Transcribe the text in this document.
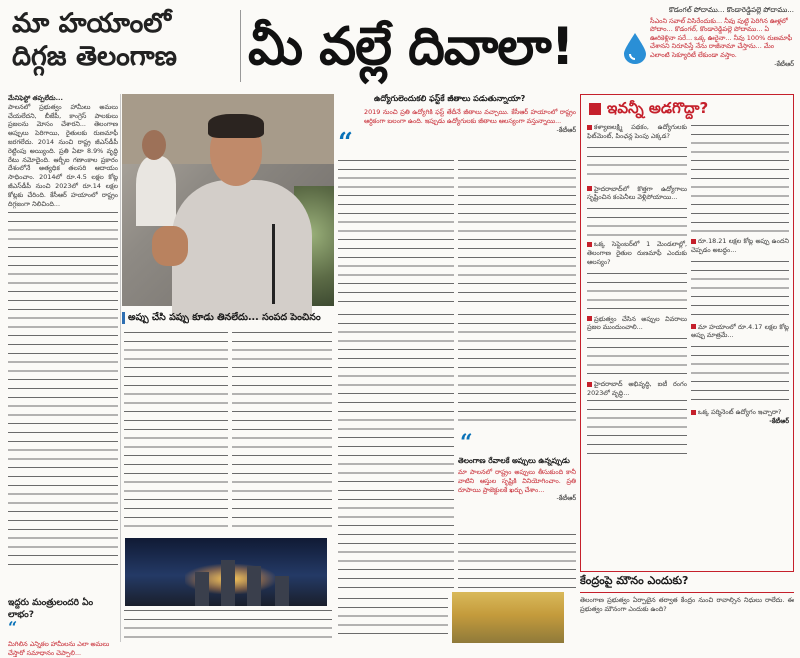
మా హయాంలో
దిగ్గజ తెలంగాణ	మీ వల్లే దివాలా!
కొడంగల్ పోదాము... కొండారెడ్డిపల్లె పోదాము...
సీఎంని సవాల్ విసిరేందుకు... నీవు పుట్టి పెరిగిన ఊళ్లలో పోదాం... కొడంగల్, కొండారెడ్డిపల్లె పోదాము... ఏ ఊరికెళ్లినా సరే... ఒక్క ఊరైనా... నీవు 100% రుణమాఫీ చేశానని నిరూపిస్తే నేను రాజీనామా చేస్తాను... మేం ఎలాంటి సెక్యూరిటీ లేకుండా వస్తాం.
-కేటీఆర్
మేనిఫెస్టో తప్పలేదు...

పాలనలో ప్రభుత్వం హామీలు అమలు చేయలేదని, బీజేపీ, కాంగ్రెస్ పాలకులు ప్రజలను మోసం చేశారని... తెలంగాణ అప్పులు పెరిగాయి, రైతులకు రుణమాఫీ జరగలేదు. 2014 నుంచి రాష్ట్ర జీఎస్‌డీపీ రెట్టింపు అయ్యింది. ప్రతి ఏటా 8.9% వృద్ధి రేటు నమోదైంది. ఆర్బీఐ గణాంకాల ప్రకారం దేశంలోనే అత్యధిక తలసరి ఆదాయం సాధించాం. 2014లో రూ.4.5 లక్షల కోట్ల జీఎస్‌డీపీ నుంచి 2023లో రూ.14 లక్షల కోట్లకు చేరింది. కేసీఆర్ హయాంలో రాష్ట్రం దిగ్గజంగా నిలిచింది...

ఉద్యోగులెందుకలి ఫస్ట్‌కే జీతాలు పడుతున్నాయా?
“

2019 నుంచి ప్రతి ఉద్యోగికి ఫస్ట్ తేదీనే జీతాలు వచ్చాయి. కేసీఆర్ హయాంలో రాష్ట్రం ఆర్థికంగా బలంగా ఉంది. ఇప్పుడు ఉద్యోగులకు జీతాలు ఆలస్యంగా వస్తున్నాయి...

-కేటీఆర్
అప్పు చేసి పప్పు కూడు తినలేదు... సంపద పెంచినం
“
తెలంగాణ రేవాలకే అప్పులు ఉన్నప్పుడు

మా పాలనలో రాష్ట్రం అప్పులు తీసుకుంది కానీ వాటిని ఆస్తుల సృష్టికి వినియోగించాం. ప్రతి రూపాయి ప్రాజెక్టులకే ఖర్చు చేశాం...

-కేటీఆర్
ఇద్దరు మంత్రులందరి ఏం లాభం?
“
మిగిలిన ఎన్నికల హామీలను ఎలా అమలు చేస్తారో సమాధానం చెప్పాలి...
ఇవన్నీ అడగొద్దా?

కళ్యాణలక్ష్మి పథకం, ఉద్యోగులకు ఫిట్‌మెంట్, పింఛన్ల పెంపు ఎక్కడ?

హైదరాబాద్‌లో కొత్తగా ఉద్యోగాలు సృష్టించిన కంపెనీలు వెళ్లిపోయాయి...

ఒక్క సెప్టెంబర్‌లో 1 మెండలాల్లో, తెలంగాణ రైతుల రుణమాఫీ ఎందుకు ఆలస్యం?

ప్రభుత్వం చేసిన అప్పుల వివరాలు ప్రజల ముందుంచాలి...

హైదరాబాద్ అభివృద్ధి, ఐటీ రంగం 2023లో వృద్ధి...

రూ.18.21 లక్షల కోట్ల అప్పు ఉందని చెప్పడం అబద్ధం...

మా హయాంలో రూ.4.17 లక్షల కోట్ల అప్పు మాత్రమే...

ఒక్క పర్మినెంట్ ఉద్యోగం ఇచ్చారా?

-కేటీఆర్
కేంద్రంపై మౌనం ఎందుకు?

తెలంగాణ ప్రభుత్వం ఏర్పాటైన తర్వాత కేంద్రం నుంచి రావాల్సిన నిధులు రాలేదు. ఈ ప్రభుత్వం మౌనంగా ఎందుకు ఉంది?
